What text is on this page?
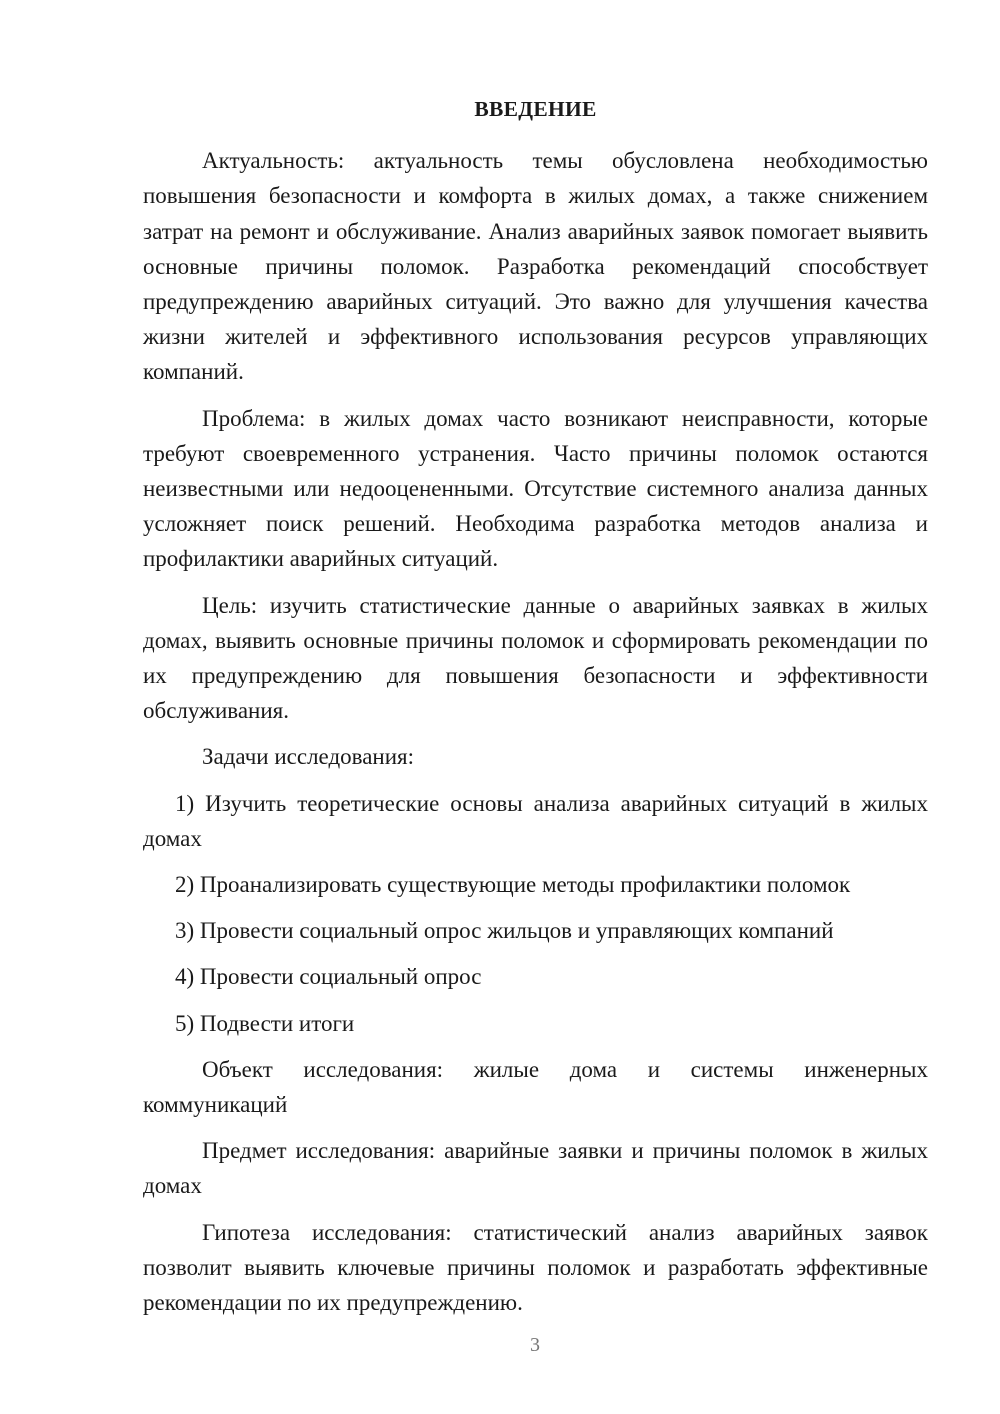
ВВЕДЕНИЕ

Актуальность: актуальность темы обусловлена необходимостью повышения безопасности и комфорта в жилых домах, а также снижением затрат на ремонт и обслуживание. Анализ аварийных заявок помогает выявить основные причины поломок. Разработка рекомендаций способствует предупреждению аварийных ситуаций. Это важно для улучшения качества жизни жителей и эффективного использования ресурсов управляющих компаний.

Проблема: в жилых домах часто возникают неисправности, которые требуют своевременного устранения. Часто причины поломок остаются неизвестными или недооцененными. Отсутствие системного анализа данных усложняет поиск решений. Необходима разработка методов анализа и профилактики аварийных ситуаций.

Цель: изучить статистические данные о аварийных заявках в жилых домах, выявить основные причины поломок и сформировать рекомендации по их предупреждению для повышения безопасности и эффективности обслуживания.

Задачи исследования:

1) Изучить теоретические основы анализа аварийных ситуаций в жилых домах

2) Проанализировать существующие методы профилактики поломок

3) Провести социальный опрос жильцов и управляющих компаний

4) Провести социальный опрос

5) Подвести итоги

Объект исследования: жилые дома и системы инженерных коммуникаций

Предмет исследования: аварийные заявки и причины поломок в жилых домах

Гипотеза исследования: статистический анализ аварийных заявок позволит выявить ключевые причины поломок и разработать эффективные рекомендации по их предупреждению.

3
